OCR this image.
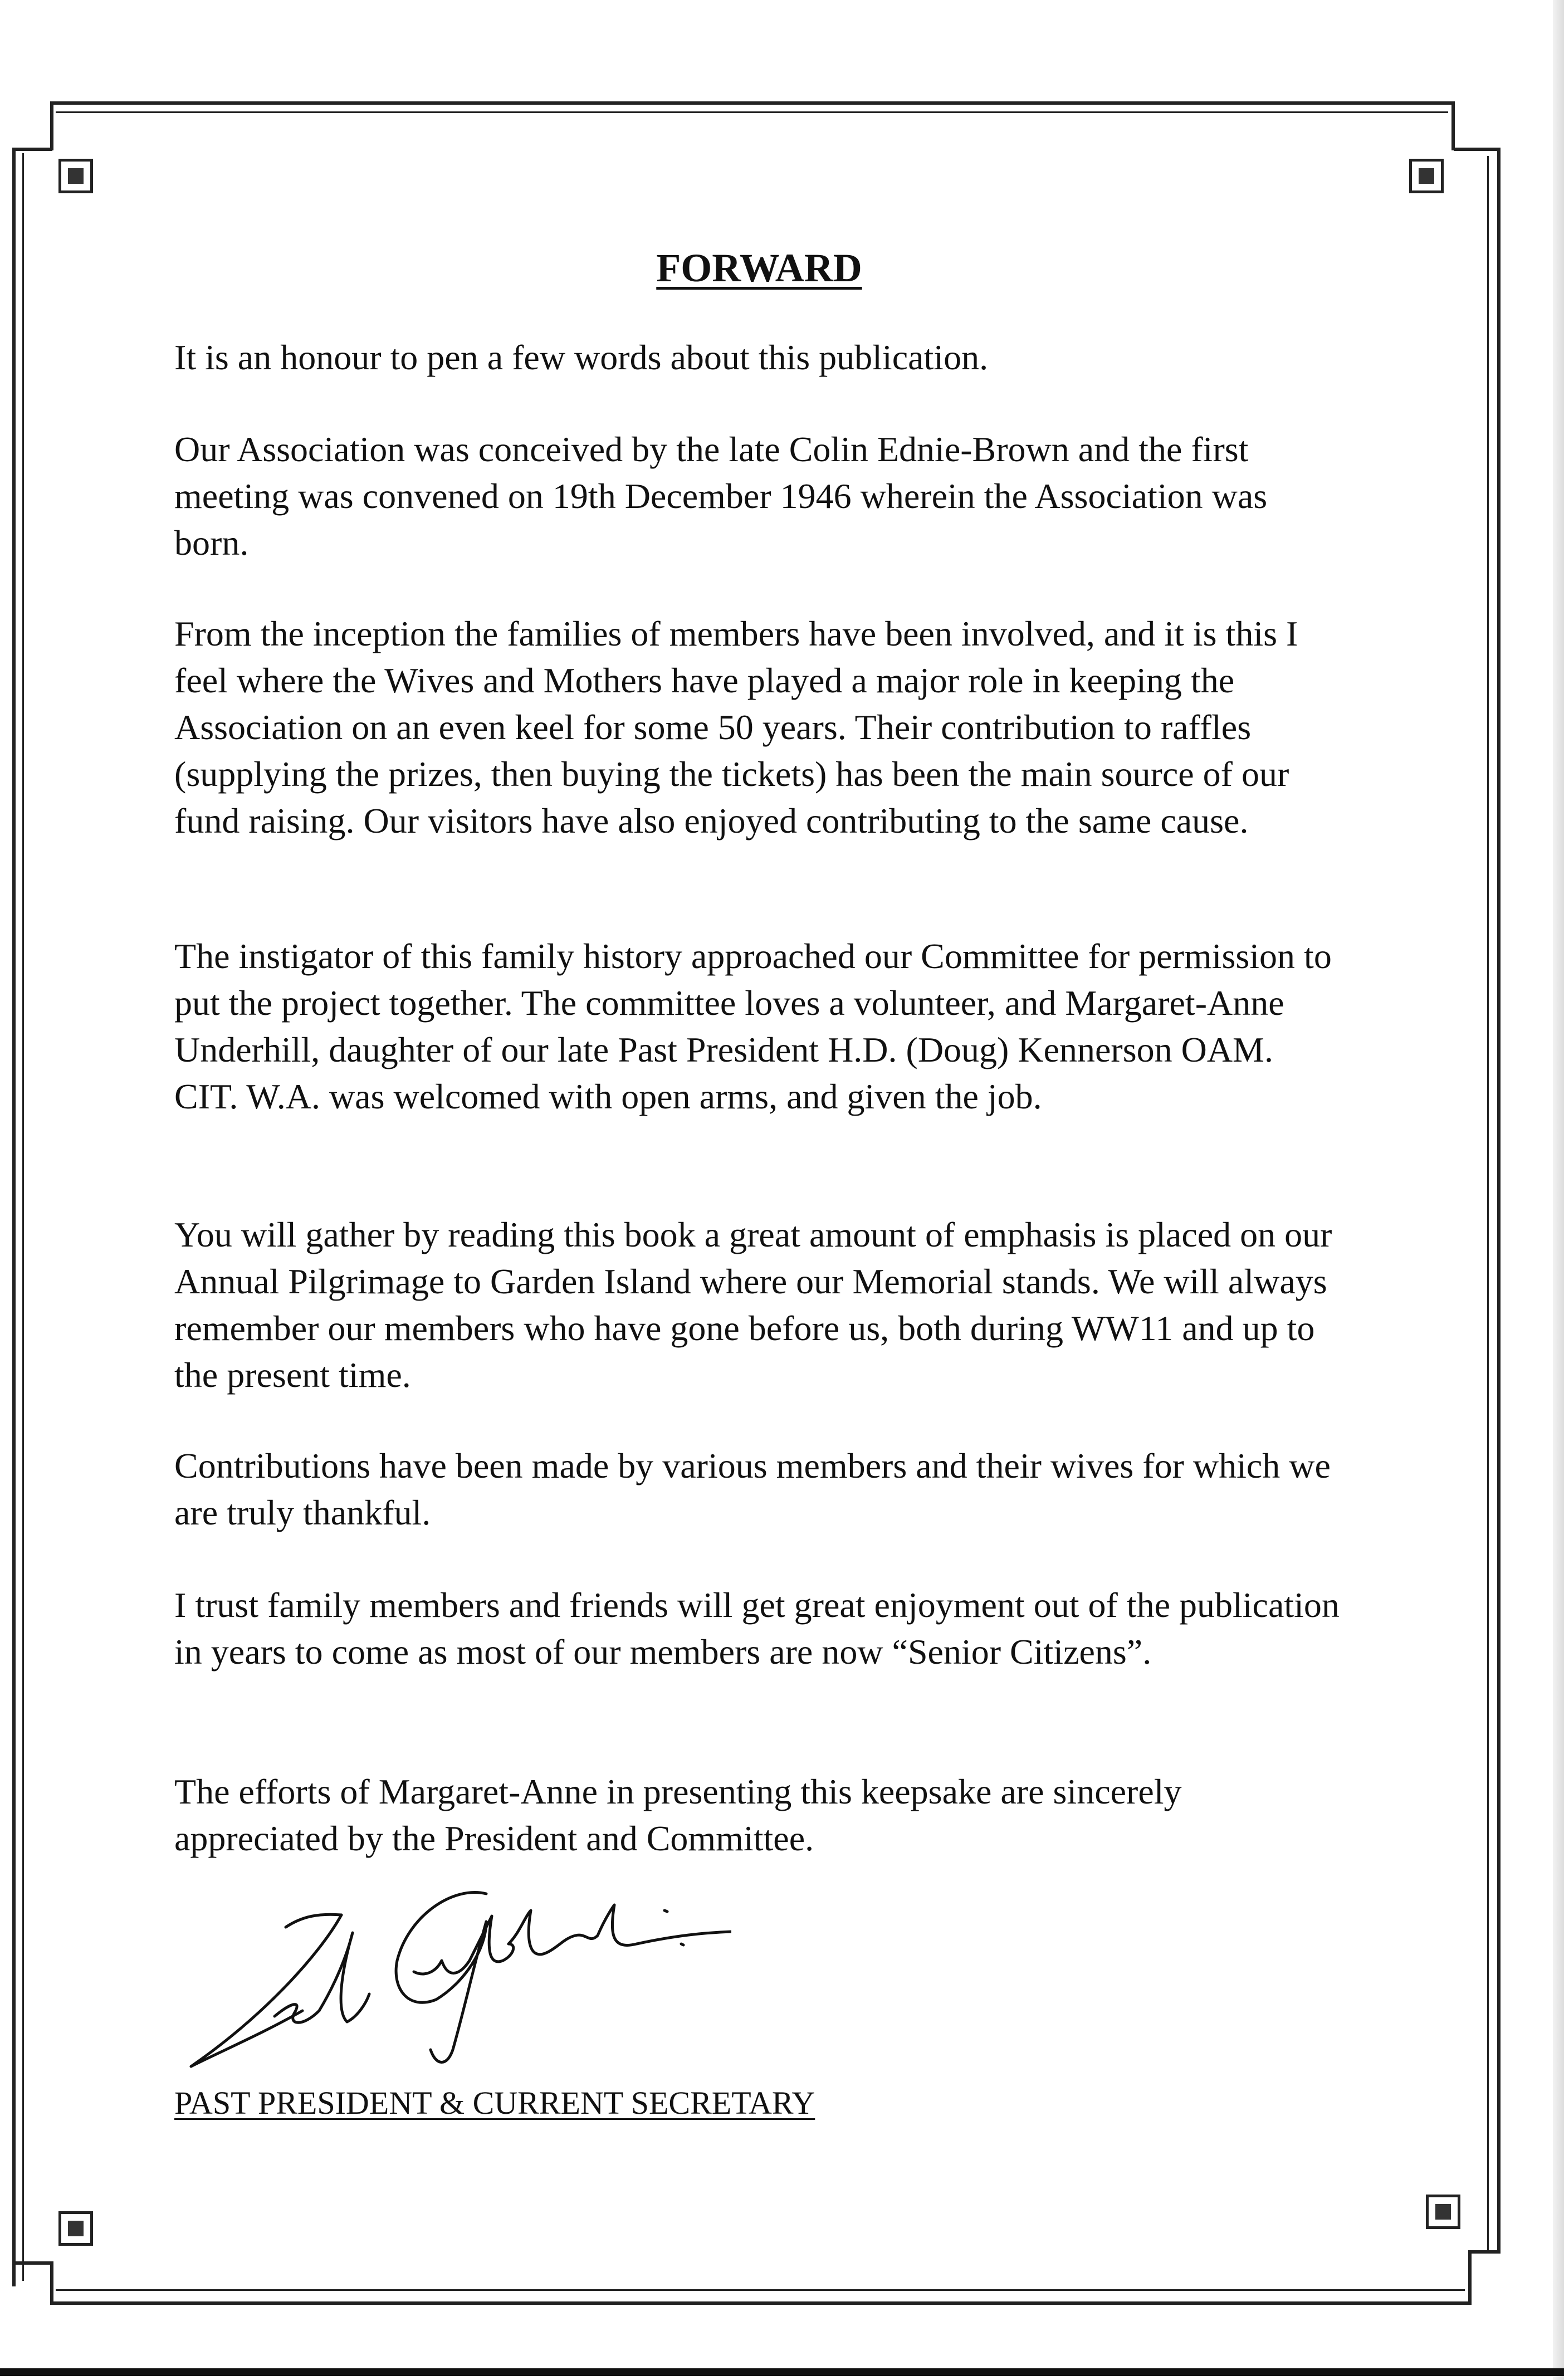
FORWARD

It is an honour to pen a few words about this publication.

Our Association was conceived by the late Colin Ednie-Brown and the first meeting was convened on 19th December 1946 wherein the Association was born.

From the inception the families of members have been involved, and it is this I feel where the Wives and Mothers have played a major role in keeping the Association on an even keel for some 50 years. Their contribution to raffles (supplying the prizes, then buying the tickets) has been the main source of our fund raising. Our visitors have also enjoyed contributing to the same cause.

The instigator of this family history approached our Committee for permission to put the project together. The committee loves a volunteer, and Margaret-Anne Underhill, daughter of our late Past President H.D. (Doug) Kennerson OAM. CIT. W.A. was welcomed with open arms, and given the job.

You will gather by reading this book a great amount of emphasis is placed on our Annual Pilgrimage to Garden Island where our Memorial stands. We will always remember our members who have gone before us, both during WW11 and up to the present time.

Contributions have been made by various members and their wives for which we are truly thankful.

I trust family members and friends will get great enjoyment out of the publication in years to come as most of our members are now “Senior Citizens”.

The efforts of Margaret-Anne in presenting this keepsake are sincerely appreciated by the President and Committee.

PAST PRESIDENT & CURRENT SECRETARY
